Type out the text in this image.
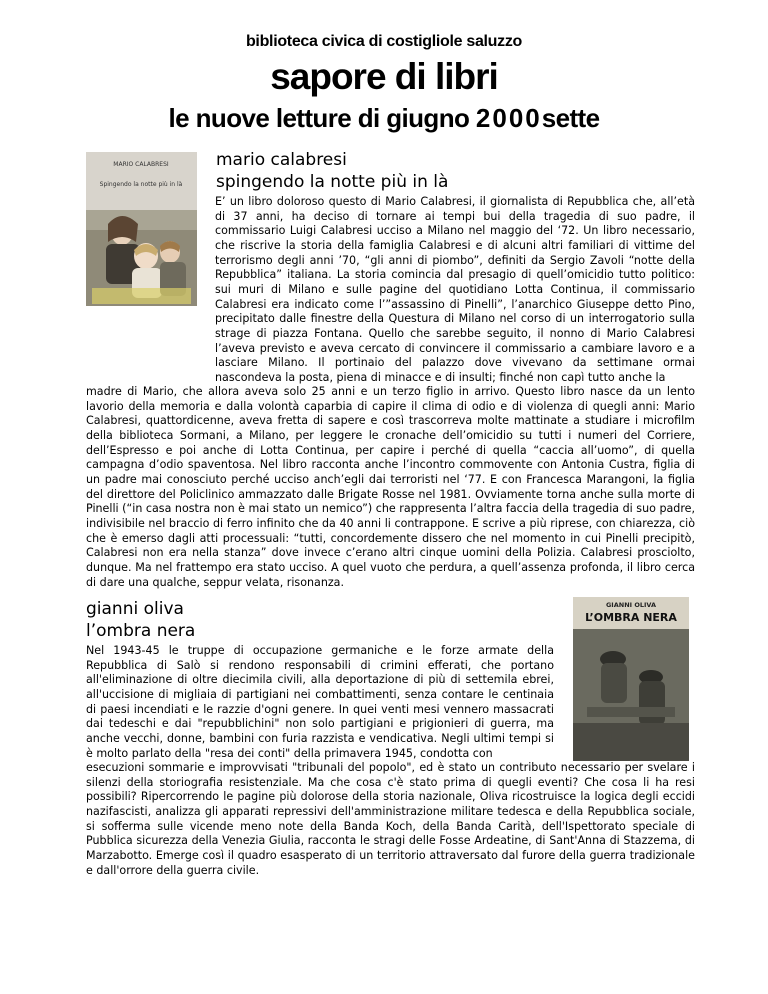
biblioteca civica di costigliole saluzzo
sapore di libri
le nuove letture di giugno 2000sette
MARIO CALABRESI
Spingendo la notte più in là
mario calabresi
spingendo la notte più in là
E’ un libro doloroso questo di Mario Calabresi, il giornalista di Repubblica che, all’età di 37 anni, ha deciso di tornare ai tempi bui della tragedia di suo padre, il commissario Luigi Calabresi ucciso a Milano nel maggio del ‘72. Un libro necessario, che riscrive la storia della famiglia Calabresi e di alcuni altri familiari di vittime del terrorismo degli anni ’70, “gli anni di piombo”, definiti da Sergio Zavoli “notte della Repubblica” italiana. La storia comincia dal presagio di quell’omicidio tutto politico: sui muri di Milano e sulle pagine del quotidiano Lotta Continua, il commissario Calabresi era indicato come l’”assassino di Pinelli”, l’anarchico Giuseppe detto Pino, precipitato dalle finestre della Questura di Milano nel corso di un interrogatorio sulla strage di piazza Fontana. Quello che sarebbe seguito, il nonno di Mario Calabresi l’aveva previsto e aveva cercato di convincere il commissario a cambiare lavoro e a lasciare Milano. Il portinaio del palazzo dove vivevano da settimane ormai nascondeva la posta, piena di minacce e di insulti; finché non capì tutto anche la
madre di Mario, che allora aveva solo 25 anni e un terzo figlio in arrivo. Questo libro nasce da un lento lavorio della memoria e dalla volontà caparbia di capire il clima di odio e di violenza di quegli anni: Mario Calabresi, quattordicenne, aveva fretta di sapere e così trascorreva molte mattinate a studiare i microfilm della biblioteca Sormani, a Milano, per leggere le cronache dell’omicidio su tutti i numeri del Corriere, dell’Espresso e poi anche di Lotta Continua, per capire i perché di quella “caccia all’uomo”, di quella campagna d’odio spaventosa. Nel libro racconta anche l’incontro commovente con Antonia Custra, figlia di un padre mai conosciuto perché ucciso anch’egli dai terroristi nel ‘77. E con Francesca Marangoni, la figlia del direttore del Policlinico ammazzato dalle Brigate Rosse nel 1981. Ovviamente torna anche sulla morte di Pinelli (“in casa nostra non è mai stato un nemico”) che rappresenta l’altra faccia della tragedia di suo padre, indivisibile nel braccio di ferro infinito che da 40 anni li contrappone. E scrive a più riprese, con chiarezza, ciò che è emerso dagli atti processuali: “tutti, concordemente dissero che nel momento in cui Pinelli precipitò, Calabresi non era nella stanza” dove invece c’erano altri cinque uomini della Polizia. Calabresi prosciolto, dunque. Ma nel frattempo era stato ucciso. A quel vuoto che perdura, a quell’assenza profonda, il libro cerca di dare una qualche, seppur velata, risonanza.
gianni oliva
l’ombra nera
GIANNI OLIVA
L’OMBRA NERA
Nel 1943-45 le truppe di occupazione germaniche e le forze armate della Repubblica di Salò si rendono responsabili di crimini efferati, che portano all'eliminazione di oltre diecimila civili, alla deportazione di più di settemila ebrei, all'uccisione di migliaia di partigiani nei combattimenti, senza contare le centinaia di paesi incendiati e le razzie d'ogni genere. In quei venti mesi vennero massacrati dai tedeschi e dai "repubblichini" non solo partigiani e prigionieri di guerra, ma anche vecchi, donne, bambini con furia razzista e vendicativa. Negli ultimi tempi si è molto parlato della "resa dei conti" della primavera 1945, condotta con
esecuzioni sommarie e improvvisati "tribunali del popolo", ed è stato un contributo necessario per svelare i silenzi della storiografia resistenziale. Ma che cosa c'è stato prima di quegli eventi? Che cosa li ha resi possibili? Ripercorrendo le pagine più dolorose della storia nazionale, Oliva ricostruisce la logica degli eccidi nazifascisti, analizza gli apparati repressivi dell'amministrazione militare tedesca e della Repubblica sociale, si sofferma sulle vicende meno note della Banda Koch, della Banda Carità, dell'Ispettorato speciale di Pubblica sicurezza della Venezia Giulia, racconta le stragi delle Fosse Ardeatine, di Sant'Anna di Stazzema, di Marzabotto. Emerge così il quadro esasperato di un territorio attraversato dal furore della guerra tradizionale e dall'orrore della guerra civile.
